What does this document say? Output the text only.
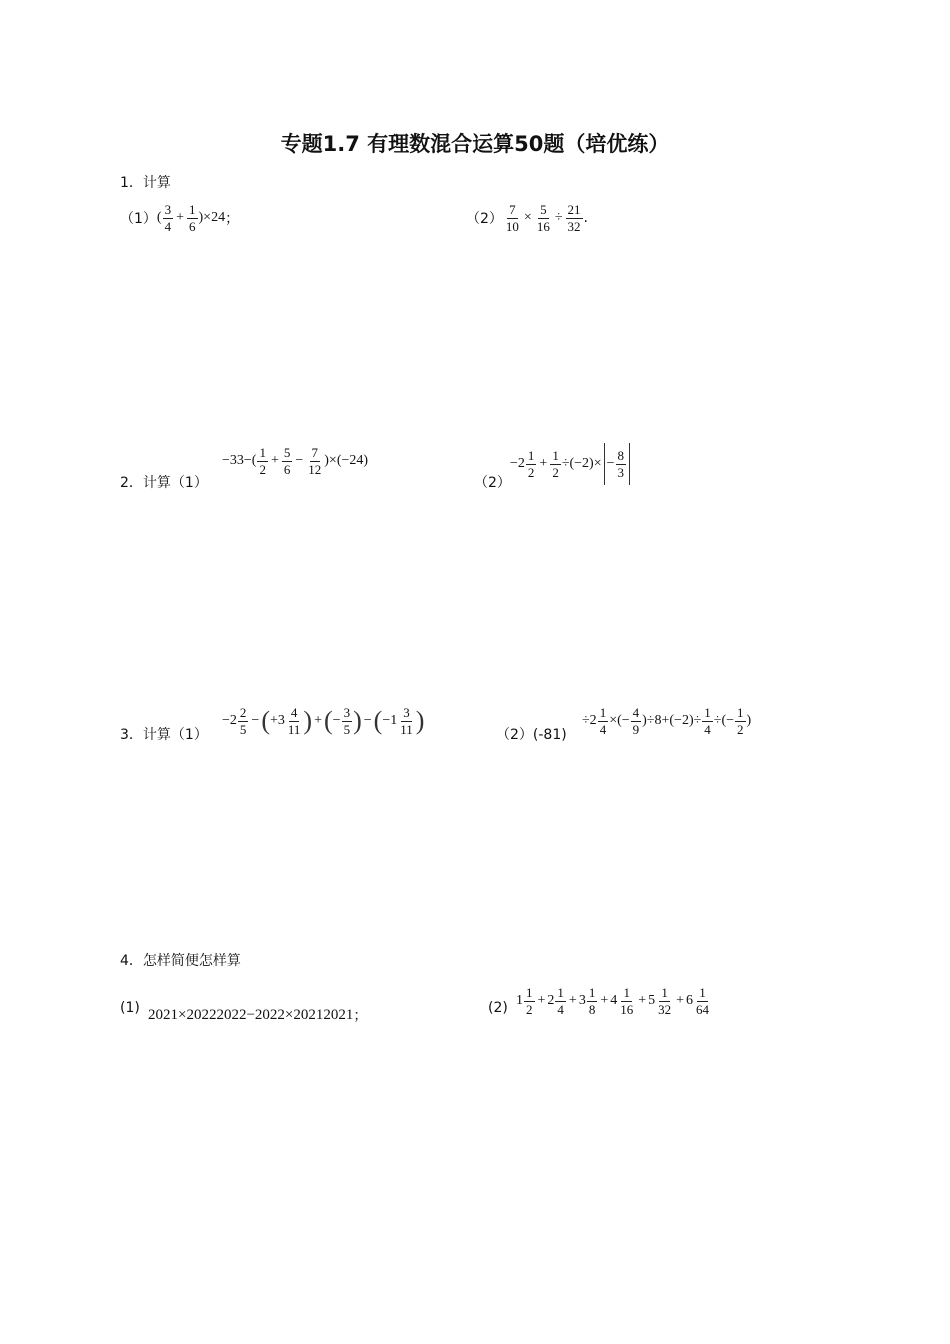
专题1.7 有理数混合运算50题（培优练）
1．计算
（1） ( $\frac{3}{4} + \frac{1}{6}$ ) ×24 ；	$(2) \frac{7}{10} \times \frac{5}{16} \div \frac{21}{32}$ .
2．计算（1）
$-33-( \frac{1}{2} + \frac{5}{6} - \frac{7}{12} )\times(-24)$
（2）
$-2 \frac{1}{2} + \frac{1}{2} \div(-2)\times - \frac{8}{3}$
3．计算（1）
$-2 \frac{2}{5}$ − ( $+3 \frac{4}{11}$ ) + ( − $\frac{3}{5}$ ) − ( $-1 \frac{3}{11}$ )	（2）(-81)
$\div 2 \frac{1}{4}$ ×(− $\frac{4}{9} )\div 8+(-2)\div \frac{1}{4}$ ÷(− $\frac{1}{2}$ )
4．怎样简便怎样算
(1) 2021×20222022−2022×20212021 ；	(2) $1 \frac{1}{2} + 2 \frac{1}{4} + 3 \frac{1}{8} + 4 \frac{1}{16} + 5 \frac{1}{32} + 6 \frac{1}{64}$
